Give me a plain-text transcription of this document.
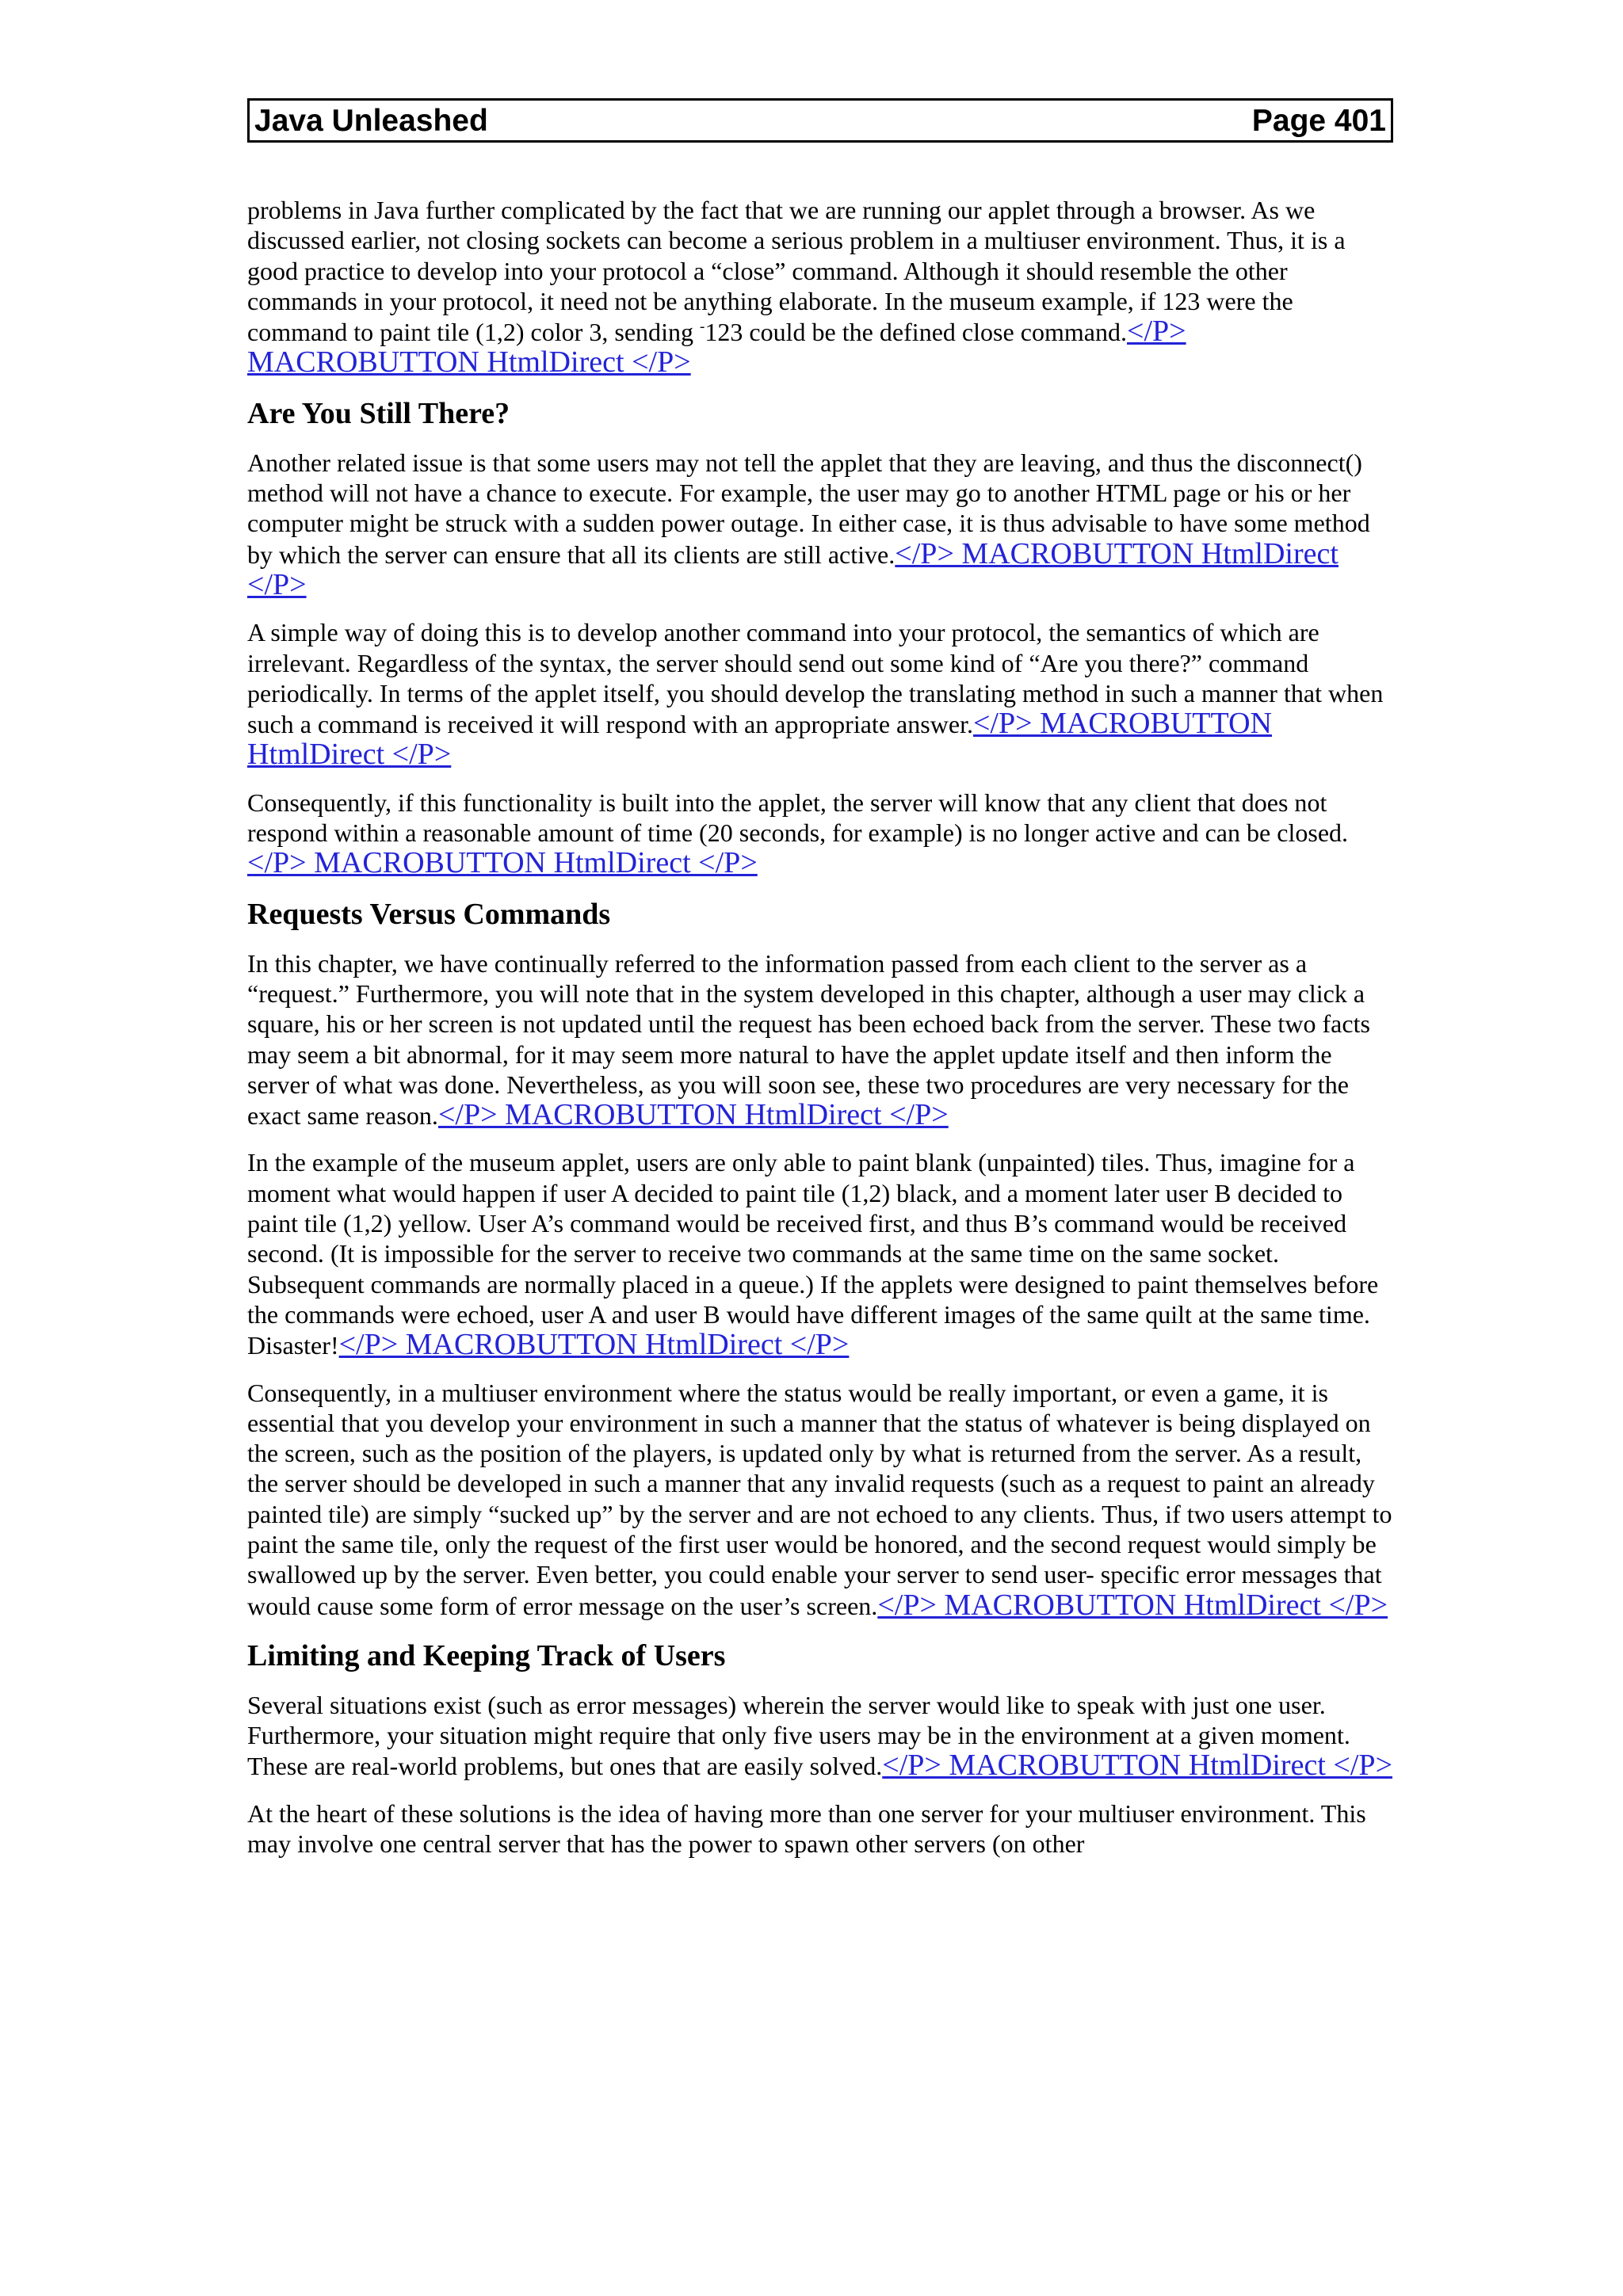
Java Unleashed	Page 401

problems in Java further complicated by the fact that we are running our applet through a browser. As we discussed earlier, not closing sockets can become a serious problem in a multiuser environment. Thus, it is a good practice to develop into your protocol a “close” command. Although it should resemble the other commands in your protocol, it need not be anything elaborate. In the museum example, if 123 were the command to paint tile (1,2) color 3, sending -123 could be the defined close command.</P> MACROBUTTON HtmlDirect </P>

Are You Still There?

Another related issue is that some users may not tell the applet that they are leaving, and thus the disconnect() method will not have a chance to execute. For example, the user may go to another HTML page or his or her computer might be struck with a sudden power outage. In either case, it is thus advisable to have some method by which the server can ensure that all its clients are still active.</P> MACROBUTTON HtmlDirect </P>

A simple way of doing this is to develop another command into your protocol, the semantics of which are irrelevant. Regardless of the syntax, the server should send out some kind of “Are you there?” command periodically. In terms of the applet itself, you should develop the translating method in such a manner that when such a command is received it will respond with an appropriate answer.</P> MACROBUTTON HtmlDirect </P>

Consequently, if this functionality is built into the applet, the server will know that any client that does not respond within a reasonable amount of time (20 seconds, for example) is no longer active and can be closed.</P> MACROBUTTON HtmlDirect </P>

Requests Versus Commands

In this chapter, we have continually referred to the information passed from each client to the server as a “request.” Furthermore, you will note that in the system developed in this chapter, although a user may click a square, his or her screen is not updated until the request has been echoed back from the server. These two facts may seem a bit abnormal, for it may seem more natural to have the applet update itself and then inform the server of what was done. Nevertheless, as you will soon see, these two procedures are very necessary for the exact same reason.</P> MACROBUTTON HtmlDirect </P>

In the example of the museum applet, users are only able to paint blank (unpainted) tiles. Thus, imagine for a moment what would happen if user A decided to paint tile (1,2) black, and a moment later user B decided to paint tile (1,2) yellow. User A’s command would be received first, and thus B’s command would be received second. (It is impossible for the server to receive two commands at the same time on the same socket. Subsequent commands are normally placed in a queue.) If the applets were designed to paint themselves before the commands were echoed, user A and user B would have different images of the same quilt at the same time. Disaster!</P> MACROBUTTON HtmlDirect </P>

Consequently, in a multiuser environment where the status would be really important, or even a game, it is essential that you develop your environment in such a manner that the status of whatever is being displayed on the screen, such as the position of the players, is updated only by what is returned from the server. As a result, the server should be developed in such a manner that any invalid requests (such as a request to paint an already painted tile) are simply “sucked up” by the server and are not echoed to any clients. Thus, if two users attempt to paint the same tile, only the request of the first user would be honored, and the second request would simply be swallowed up by the server. Even better, you could enable your server to send user- specific error messages that would cause some form of error message on the user’s screen.</P> MACROBUTTON HtmlDirect </P>

Limiting and Keeping Track of Users

Several situations exist (such as error messages) wherein the server would like to speak with just one user. Furthermore, your situation might require that only five users may be in the environment at a given moment. These are real-world problems, but ones that are easily solved.</P> MACROBUTTON HtmlDirect </P>

At the heart of these solutions is the idea of having more than one server for your multiuser environment. This may involve one central server that has the power to spawn other servers (on other
